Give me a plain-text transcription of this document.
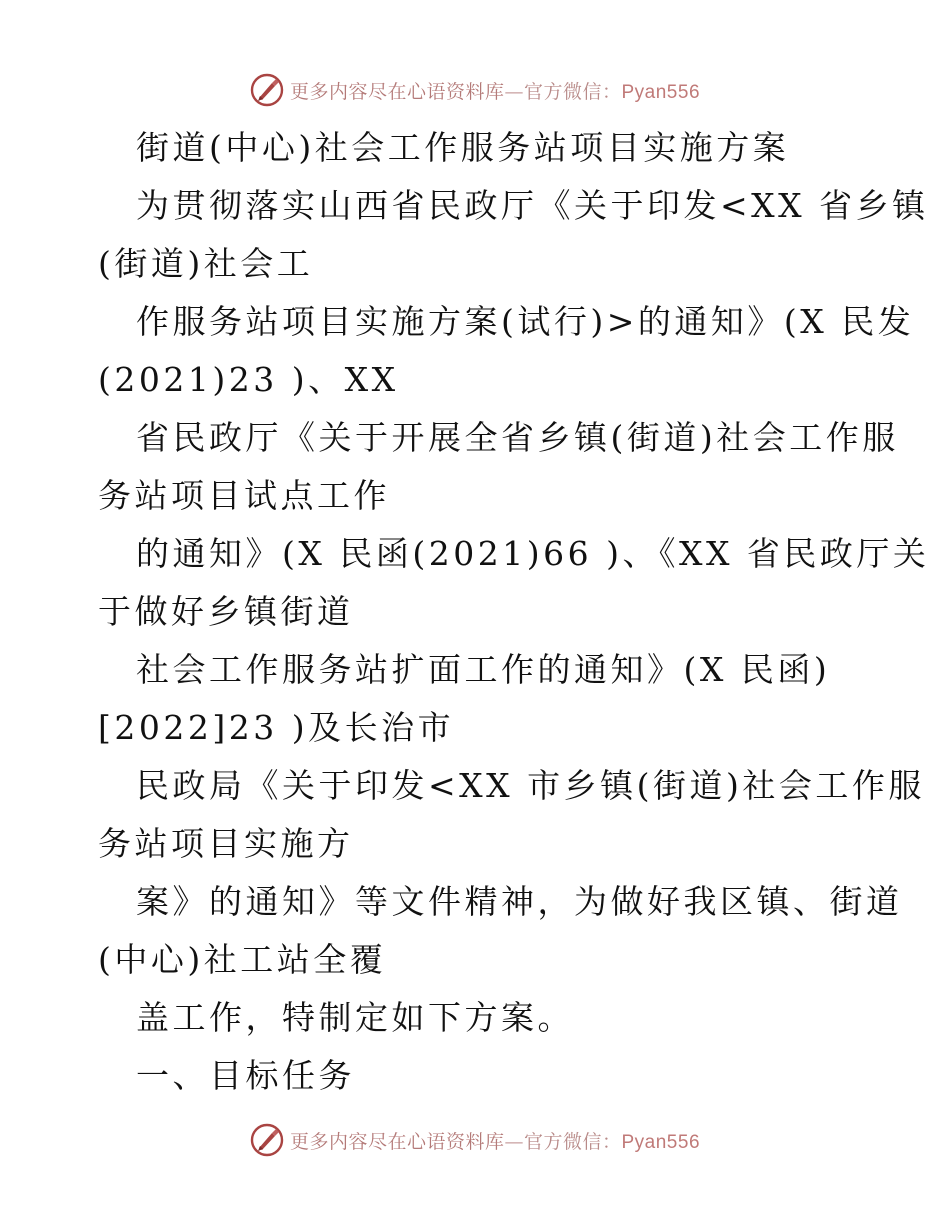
更多内容尽在心语资料库—官方微信：Pyan556
街道(中心)社会工作服务站项目实施方案
为贯彻落实山西省民政厅《关于印发<XX 省乡镇
(街道)社会工
作服务站项目实施方案(试行)>的通知》(X 民发
(2021)23 )、XX
省民政厅《关于开展全省乡镇(街道)社会工作服
务站项目试点工作
的通知》(X 民函(2021)66 )、《XX 省民政厅关
于做好乡镇街道
社会工作服务站扩面工作的通知》(X 民函)
[2022]23 )及长治市
民政局《关于印发<XX 市乡镇(街道)社会工作服
务站项目实施方
案》的通知》等文件精神，为做好我区镇、街道
(中心)社工站全覆
盖工作，特制定如下方案。
一、目标任务
更多内容尽在心语资料库—官方微信：Pyan556
